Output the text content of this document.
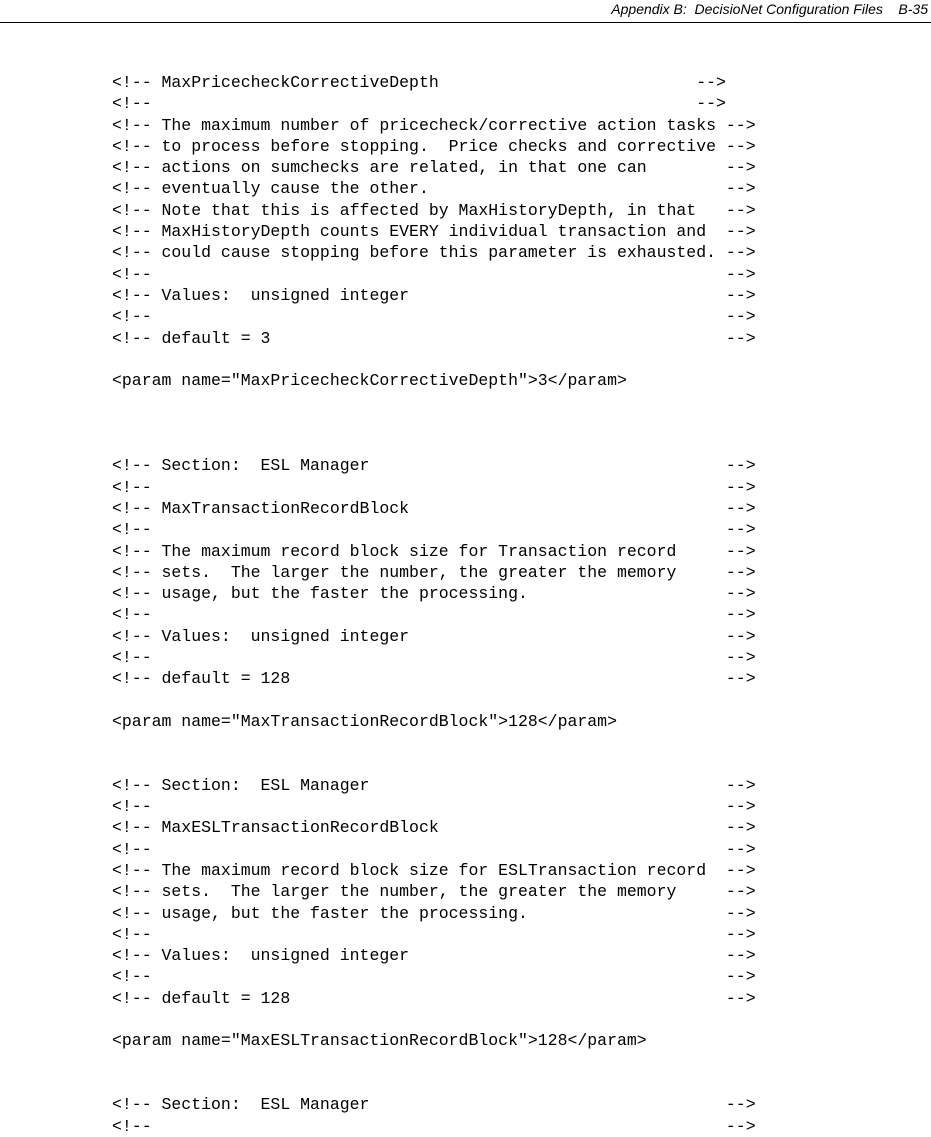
Appendix B:  DecisioNet Configuration Files B-35
<!-- MaxPricecheckCorrectiveDepth                          -->
<!--                                                       -->
<!-- The maximum number of pricecheck/corrective action tasks -->
<!-- to process before stopping.  Price checks and corrective -->
<!-- actions on sumchecks are related, in that one can        -->
<!-- eventually cause the other.                              -->
<!-- Note that this is affected by MaxHistoryDepth, in that   -->
<!-- MaxHistoryDepth counts EVERY individual transaction and  -->
<!-- could cause stopping before this parameter is exhausted. -->
<!--                                                          -->
<!-- Values:  unsigned integer                                -->
<!--                                                          -->
<!-- default = 3                                              -->
<param name="MaxPricecheckCorrectiveDepth">3</param>
<!-- Section:  ESL Manager                                    -->
<!--                                                          -->
<!-- MaxTransactionRecordBlock                                -->
<!--                                                          -->
<!-- The maximum record block size for Transaction record     -->
<!-- sets.  The larger the number, the greater the memory     -->
<!-- usage, but the faster the processing.                    -->
<!--                                                          -->
<!-- Values:  unsigned integer                                -->
<!--                                                          -->
<!-- default = 128                                            -->
<param name="MaxTransactionRecordBlock">128</param>
<!-- Section:  ESL Manager                                    -->
<!--                                                          -->
<!-- MaxESLTransactionRecordBlock                             -->
<!--                                                          -->
<!-- The maximum record block size for ESLTransaction record  -->
<!-- sets.  The larger the number, the greater the memory     -->
<!-- usage, but the faster the processing.                    -->
<!--                                                          -->
<!-- Values:  unsigned integer                                -->
<!--                                                          -->
<!-- default = 128                                            -->
<param name="MaxESLTransactionRecordBlock">128</param>
<!-- Section:  ESL Manager                                    -->
<!--                                                          -->
